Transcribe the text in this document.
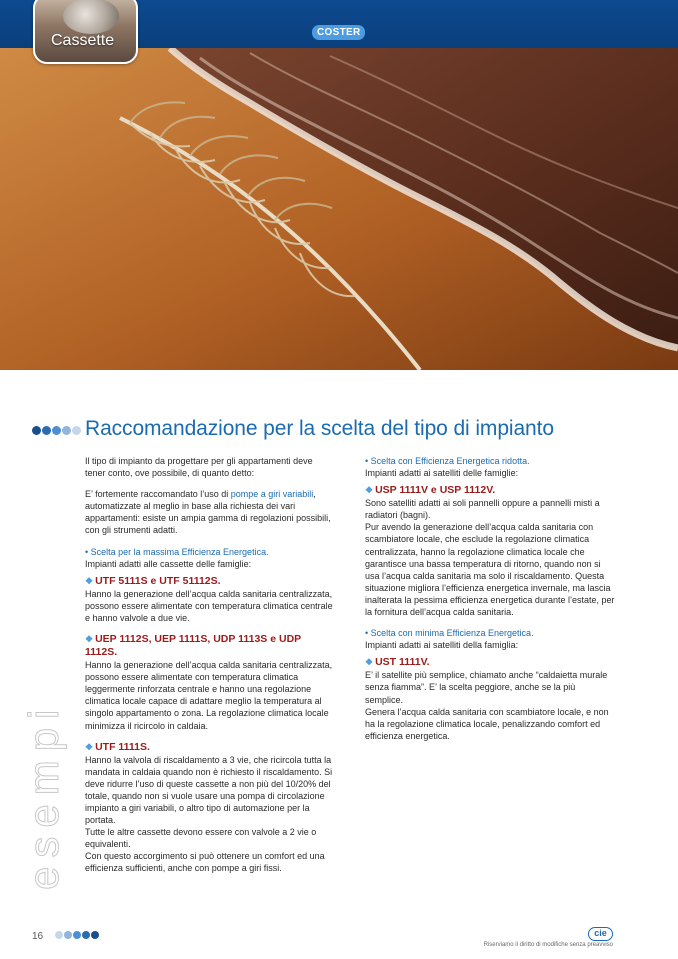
COSTER
Cassette
Raccomandazione per la scelta del tipo di impianto
esempi

Il tipo di impianto da progettare per gli appartamenti deve tener conto, ove possibile, di quanto detto:

E’ fortemente raccomandato l’uso di pompe a giri variabili, automatizzate al meglio in base alla richiesta dei vari appartamenti: esiste un ampia gamma di regolazioni possibili, con gli strumenti adatti.

• Scelta per la massima Efficienza Energetica.
Impianti adatti alle cassette delle famiglie:

❖ UTF 5111S e UTF 51112S.
Hanno la generazione dell’acqua calda sanitaria centralizzata, possono essere alimentate con temperatura climatica centrale e hanno valvole a due vie.

❖ UEP 1112S, UEP 1111S, UDP 1113S e UDP 1112S.
Hanno la generazione dell’acqua calda sanitaria centralizzata, possono essere alimentate con temperatura climatica leggermente rinforzata centrale e hanno una regolazione climatica locale capace di adattare meglio la temperatura al singolo appartamento o zona. La regolazione climatica locale minimizza il ricircolo in caldaia.

❖ UTF 1111S.
Hanno la valvola di riscaldamento a 3 vie, che ricircola tutta la mandata in caldaia quando non è richiesto il riscaldamento. Si deve ridurre l’uso di queste cassette a non più del 10/20% del totale, quando non si vuole usare una pompa di circolazione impianto a giri variabili, o altro tipo di automazione per la portata.

Tutte le altre cassette devono essere con valvole a 2 vie o equivalenti.

Con questo accorgimento si può ottenere un comfort ed una efficienza sufficienti, anche con pompe a giri fissi.

• Scelta con Efficienza Energetica ridotta.
Impianti adatti ai satelliti delle famiglie:

❖ USP 1111V e USP 1112V.
Sono satelliti adatti ai soli pannelli oppure a pannelli misti a radiatori (bagni).

Pur avendo la generazione dell’acqua calda sanitaria con scambiatore locale, che esclude la regolazione climatica centralizzata, hanno la regolazione climatica locale che garantisce una bassa temperatura di ritorno, quando non si usa l’acqua calda sanitaria ma solo il riscaldamento. Questa situazione migliora l’efficienza energetica invernale, ma lascia inalterata la pessima efficienza energetica durante l’estate, per la fornitura dell’acqua calda sanitaria.

• Scelta con minima Efficienza Energetica.
Impianti adatti ai satelliti della famiglia:

❖ UST 1111V.
E’ il satellite più semplice, chiamato anche “caldaietta murale senza fiamma”. E’ la scelta peggiore, anche se la più semplice.

Genera l’acqua calda sanitaria con scambiatore locale, e non ha la regolazione climatica locale, penalizzando comfort ed efficienza energetica.

16	cie
Riserviamo il diritto di modifiche senza preavviso
